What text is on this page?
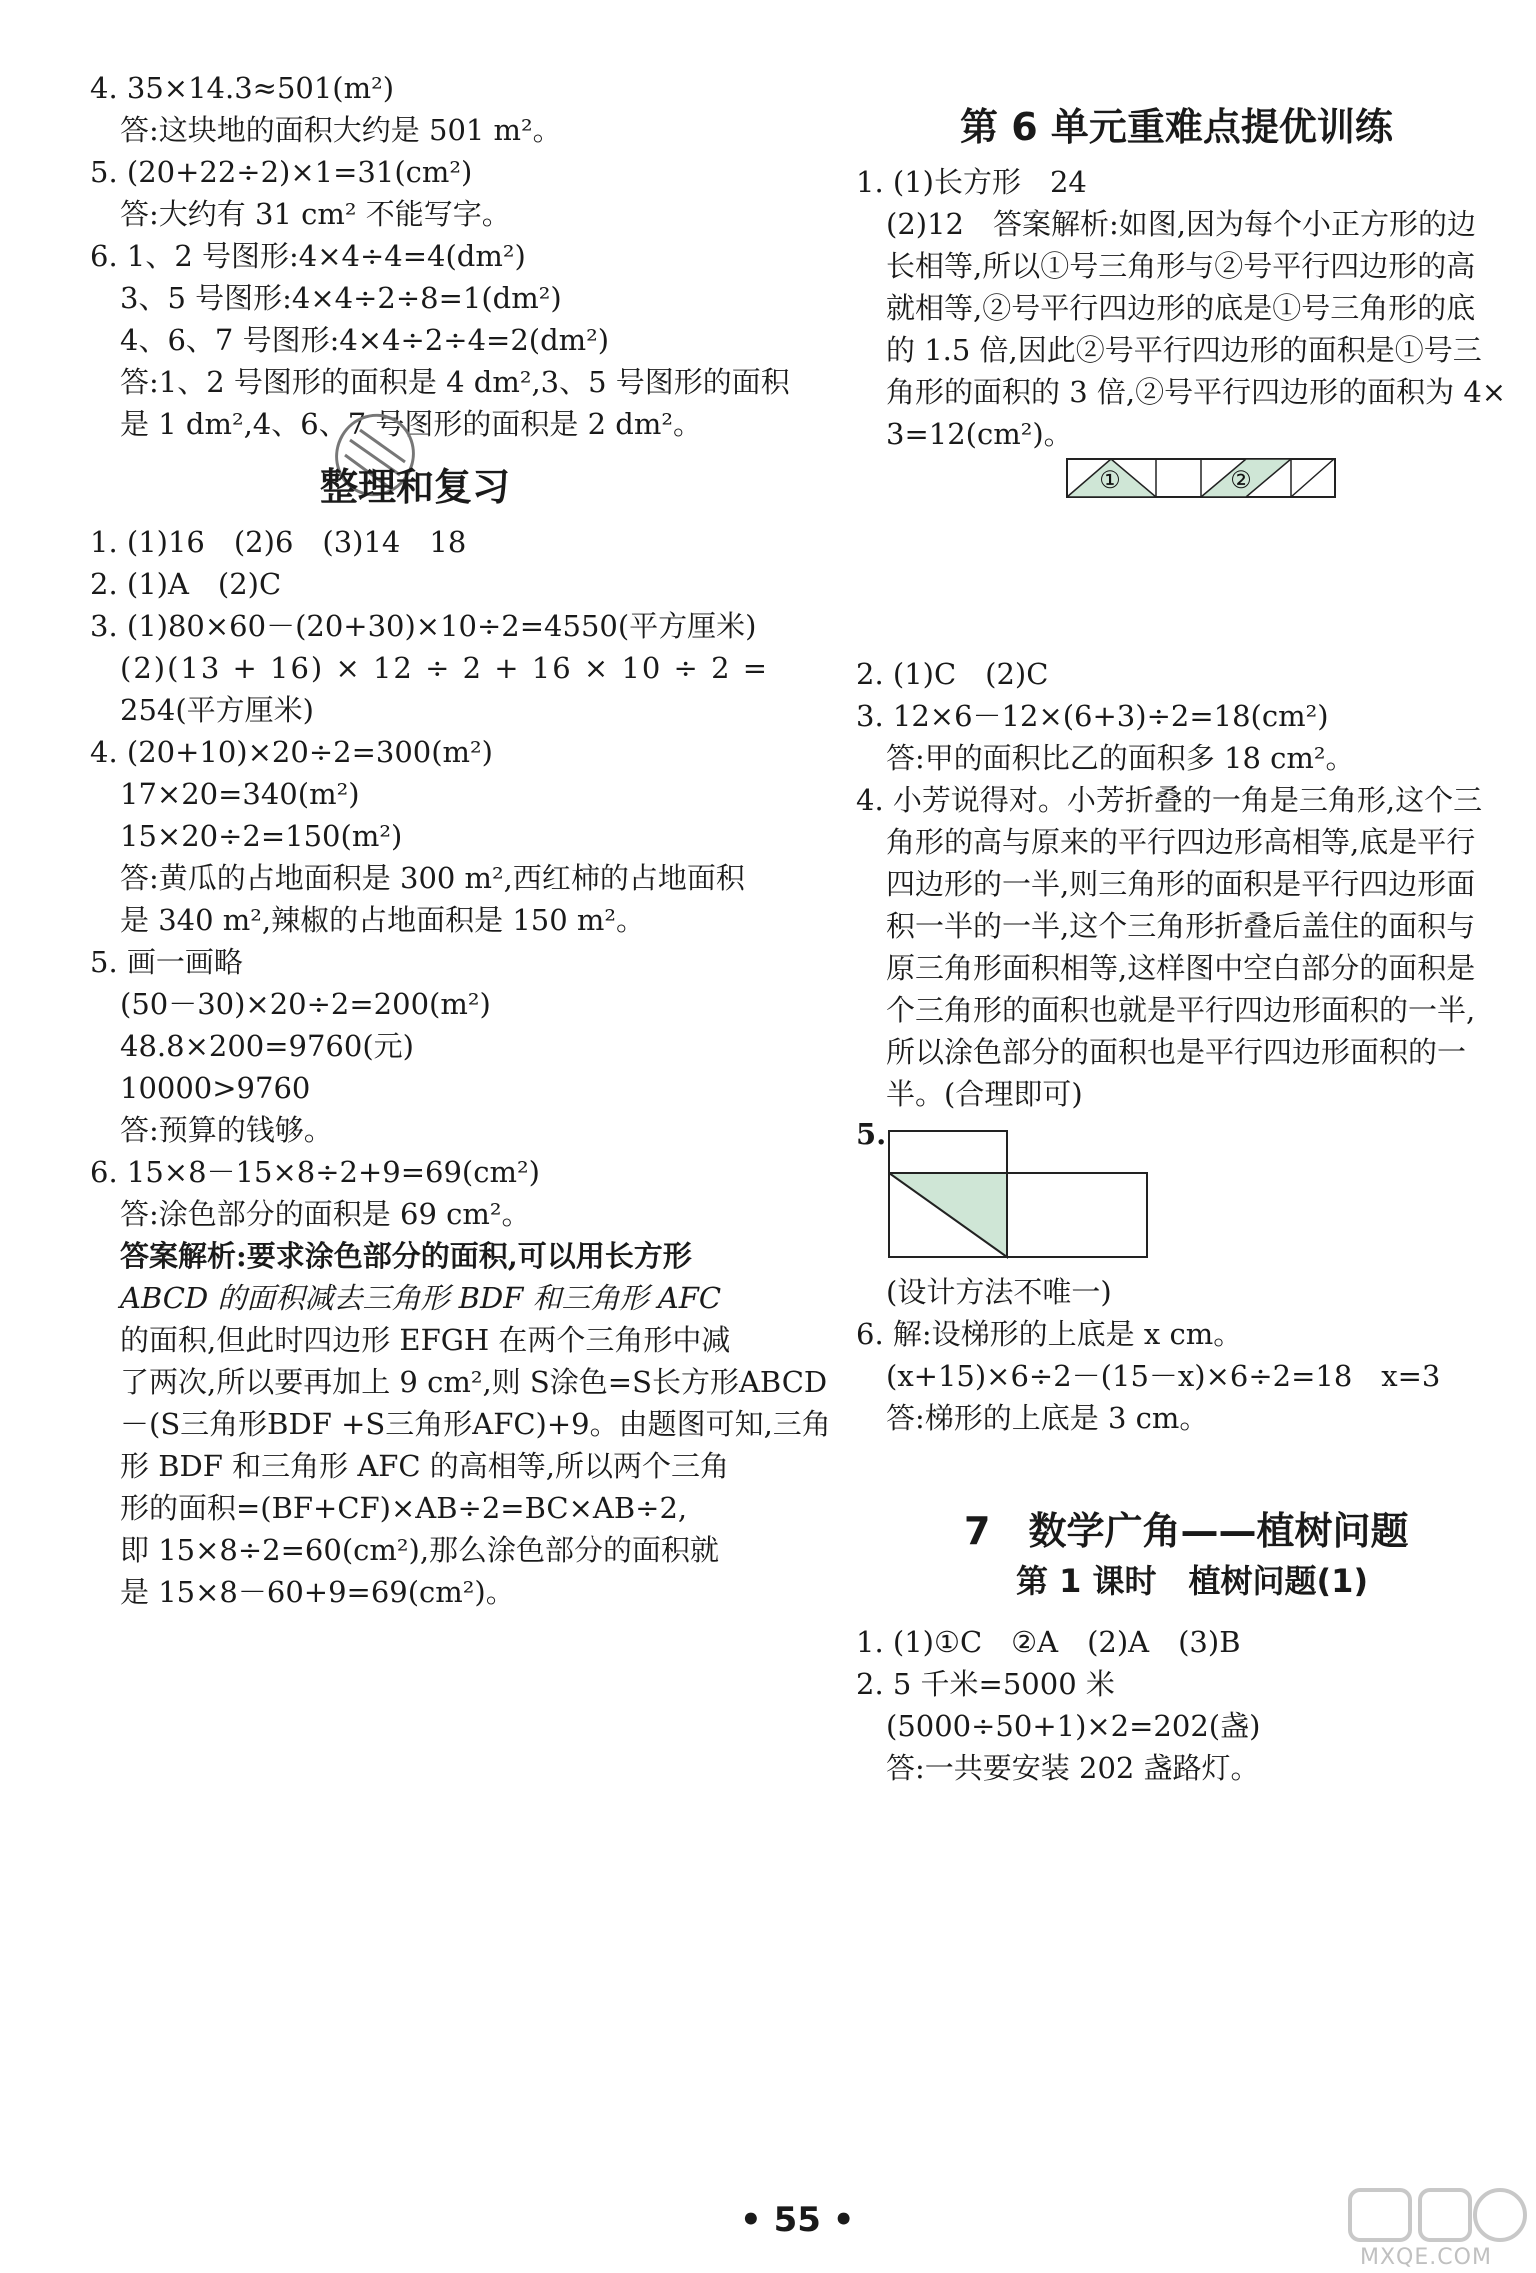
4. 35×14.3≈501(m²)
答:这块地的面积大约是 501 m²。
5. (20+22÷2)×1=31(cm²)
答:大约有 31 cm² 不能写字。
6. 1、2 号图形:4×4÷4=4(dm²)
3、5 号图形:4×4÷2÷8=1(dm²)
4、6、7 号图形:4×4÷2÷4=2(dm²)
答:1、2 号图形的面积是 4 dm²,3、5 号图形的面积
是 1 dm²,4、6、7 号图形的面积是 2 dm²。
整理和复习
1. (1)16　(2)6　(3)14　18
2. (1)A　(2)C
3. (1)80×60－(20+30)×10÷2=4550(平方厘米)
(2)(13 + 16) × 12 ÷ 2 + 16 × 10 ÷ 2 =
254(平方厘米)
4. (20+10)×20÷2=300(m²)
17×20=340(m²)
15×20÷2=150(m²)
答:黄瓜的占地面积是 300 m²,西红柿的占地面积
是 340 m²,辣椒的占地面积是 150 m²。
5. 画一画略
(50－30)×20÷2=200(m²)
48.8×200=9760(元)
10000>9760
答:预算的钱够。
6. 15×8－15×8÷2+9=69(cm²)
答:涂色部分的面积是 69 cm²。
答案解析:要求涂色部分的面积,可以用长方形
ABCD 的面积减去三角形 BDF 和三角形 AFC
的面积,但此时四边形 EFGH 在两个三角形中减
了两次,所以要再加上 9 cm²,则 S涂色=S长方形ABCD
－(S三角形BDF +S三角形AFC)+9。由题图可知,三角
形 BDF 和三角形 AFC 的高相等,所以两个三角
形的面积=(BF+CF)×AB÷2=BC×AB÷2,
即 15×8÷2=60(cm²),那么涂色部分的面积就
是 15×8－60+9=69(cm²)。
第 6 单元重难点提优训练
1. (1)长方形　24
(2)12　答案解析:如图,因为每个小正方形的边
长相等,所以①号三角形与②号平行四边形的高
就相等,②号平行四边形的底是①号三角形的底
的 1.5 倍,因此②号平行四边形的面积是①号三
角形的面积的 3 倍,②号平行四边形的面积为 4×
3=12(cm²)。
①	②
2. (1)C　(2)C
3. 12×6－12×(6+3)÷2=18(cm²)
答:甲的面积比乙的面积多 18 cm²。
4. 小芳说得对。小芳折叠的一角是三角形,这个三
角形的高与原来的平行四边形高相等,底是平行
四边形的一半,则三角形的面积是平行四边形面
积一半的一半,这个三角形折叠后盖住的面积与
原三角形面积相等,这样图中空白部分的面积是
个三角形的面积也就是平行四边形面积的一半,
所以涂色部分的面积也是平行四边形面积的一
半。(合理即可)
5.
(设计方法不唯一)
6. 解:设梯形的上底是 x cm。
(x+15)×6÷2－(15－x)×6÷2=18　x=3
答:梯形的上底是 3 cm。
7　数学广角——植树问题
第 1 课时　植树问题(1)
1. (1)①C　②A　(2)A　(3)B
2. 5 千米=5000 米
(5000÷50+1)×2=202(盏)
答:一共要安装 202 盏路灯。
• 55 •
MXQE.COM
